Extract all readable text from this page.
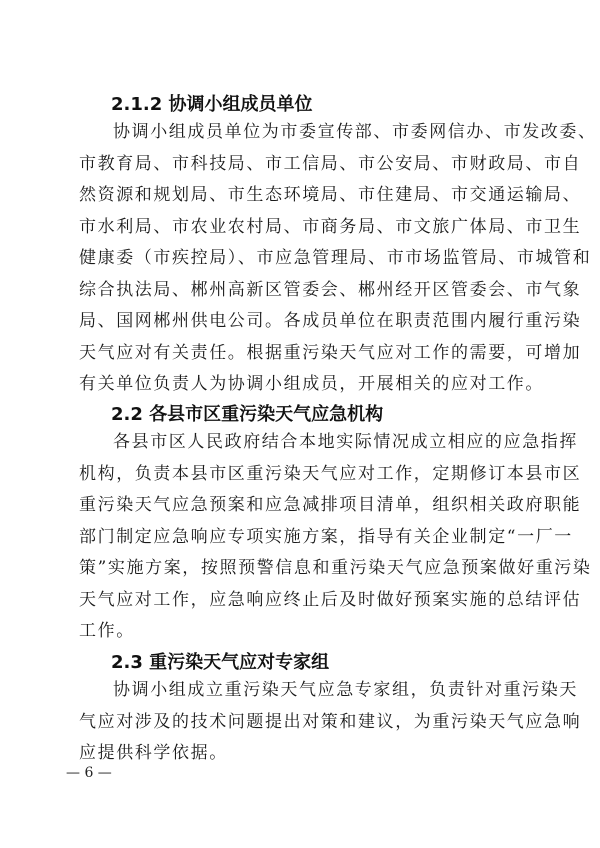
2.1.2 协调小组成员单位
协调小组成员单位为市委宣传部、市委网信办、市发改委、
市教育局、市科技局、市工信局、市公安局、市财政局、市自
然资源和规划局、市生态环境局、市住建局、市交通运输局、
市水利局、市农业农村局、市商务局、市文旅广体局、市卫生
健康委（市疾控局）、市应急管理局、市市场监管局、市城管和
综合执法局、郴州高新区管委会、郴州经开区管委会、市气象
局、国网郴州供电公司。各成员单位在职责范围内履行重污染
天气应对有关责任。根据重污染天气应对工作的需要，可增加
有关单位负责人为协调小组成员，开展相关的应对工作。
2.2 各县市区重污染天气应急机构
各县市区人民政府结合本地实际情况成立相应的应急指挥
机构，负责本县市区重污染天气应对工作，定期修订本县市区
重污染天气应急预案和应急减排项目清单，组织相关政府职能
部门制定应急响应专项实施方案，指导有关企业制定“一厂一
策”实施方案，按照预警信息和重污染天气应急预案做好重污染
天气应对工作，应急响应终止后及时做好预案实施的总结评估
工作。
2.3 重污染天气应对专家组
协调小组成立重污染天气应急专家组，负责针对重污染天
气应对涉及的技术问题提出对策和建议，为重污染天气应急响
应提供科学依据。
— 6 —
